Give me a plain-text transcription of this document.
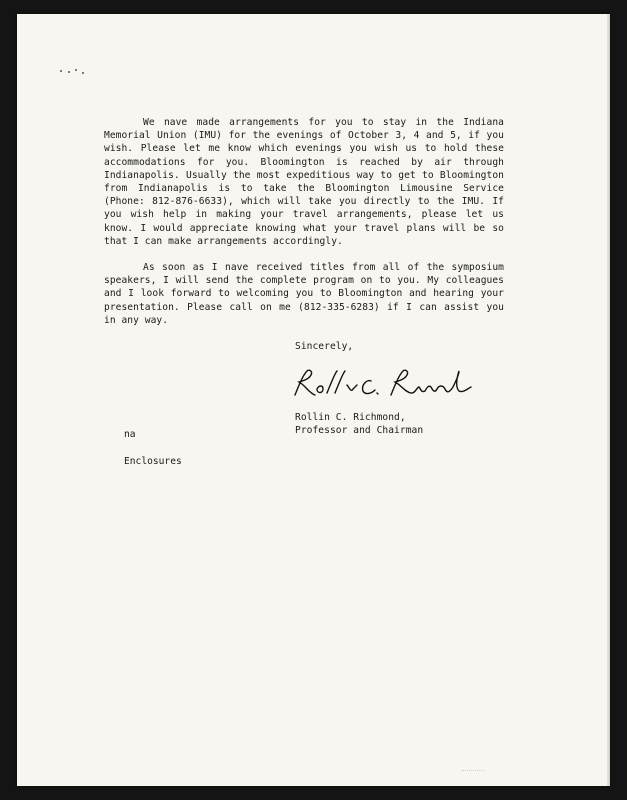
We nave made arrangements for you to stay in the Indiana Memorial Union (IMU) for the evenings of October 3, 4 and 5, if you wish. Please let me know which evenings you wish us to hold these accommodations for you. Bloomington is reached by air through Indianapolis. Usually the most expeditious way to get to Bloomington from Indianapolis is to take the Bloomington Limousine Service (Phone: 812-876-6633), which will take you directly to the IMU. If you wish help in making your travel arrangements, please let us know. I would appreciate knowing what your travel plans will be so that I can make arrangements accordingly.

As soon as I nave received titles from all of the symposium speakers, I will send the complete program on to you. My colleagues and I look forward to welcoming you to Bloomington and hearing your presentation. Please call on me (812-335-6283) if I can assist you in any way.

Sincerely,
Rollin C. Richmond,
Professor and Chairman
na
Enclosures
